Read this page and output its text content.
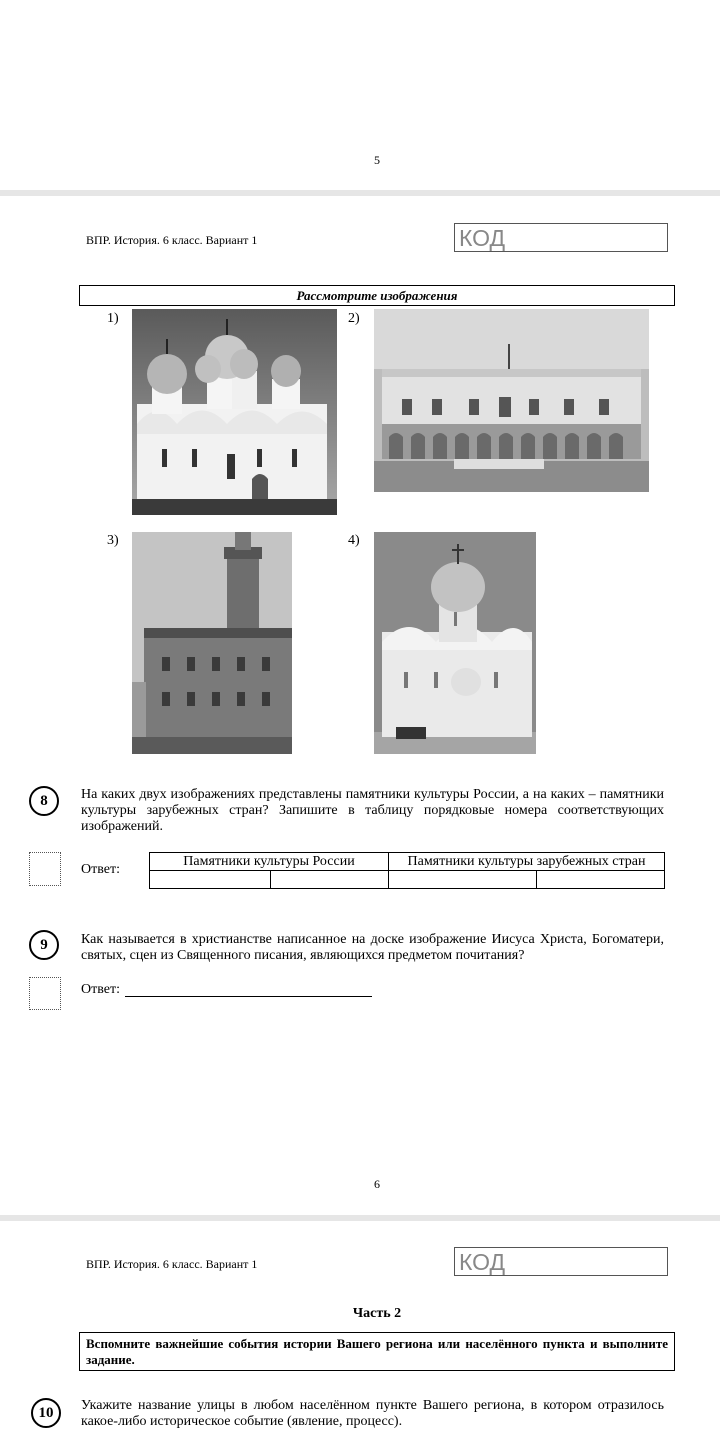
5
ВПР. История. 6 класс. Вариант 1	КОД
Рассмотрите изображения
1)	2)
3)	4)
8	На каких двух изображениях представлены памятники культуры России, а на каких – памятники культуры зарубежных стран? Запишите в таблицу порядковые номера соответствующих изображений.
Ответ:
Памятники культуры России		Памятники культуры зарубежных стран	

9	Как называется в христианстве написанное на доске изображение Иисуса Христа, Богоматери, святых, сцен из Священного писания, являющихся предметом почитания?
Ответ:
6
ВПР. История. 6 класс. Вариант 1	КОД
Часть 2
Вспомните важнейшие события истории Вашего региона или населённого пункта и выполните задание.
10	Укажите название улицы в любом населённом пункте Вашего региона, в котором отразилось какое-либо историческое событие (явление, процесс).
